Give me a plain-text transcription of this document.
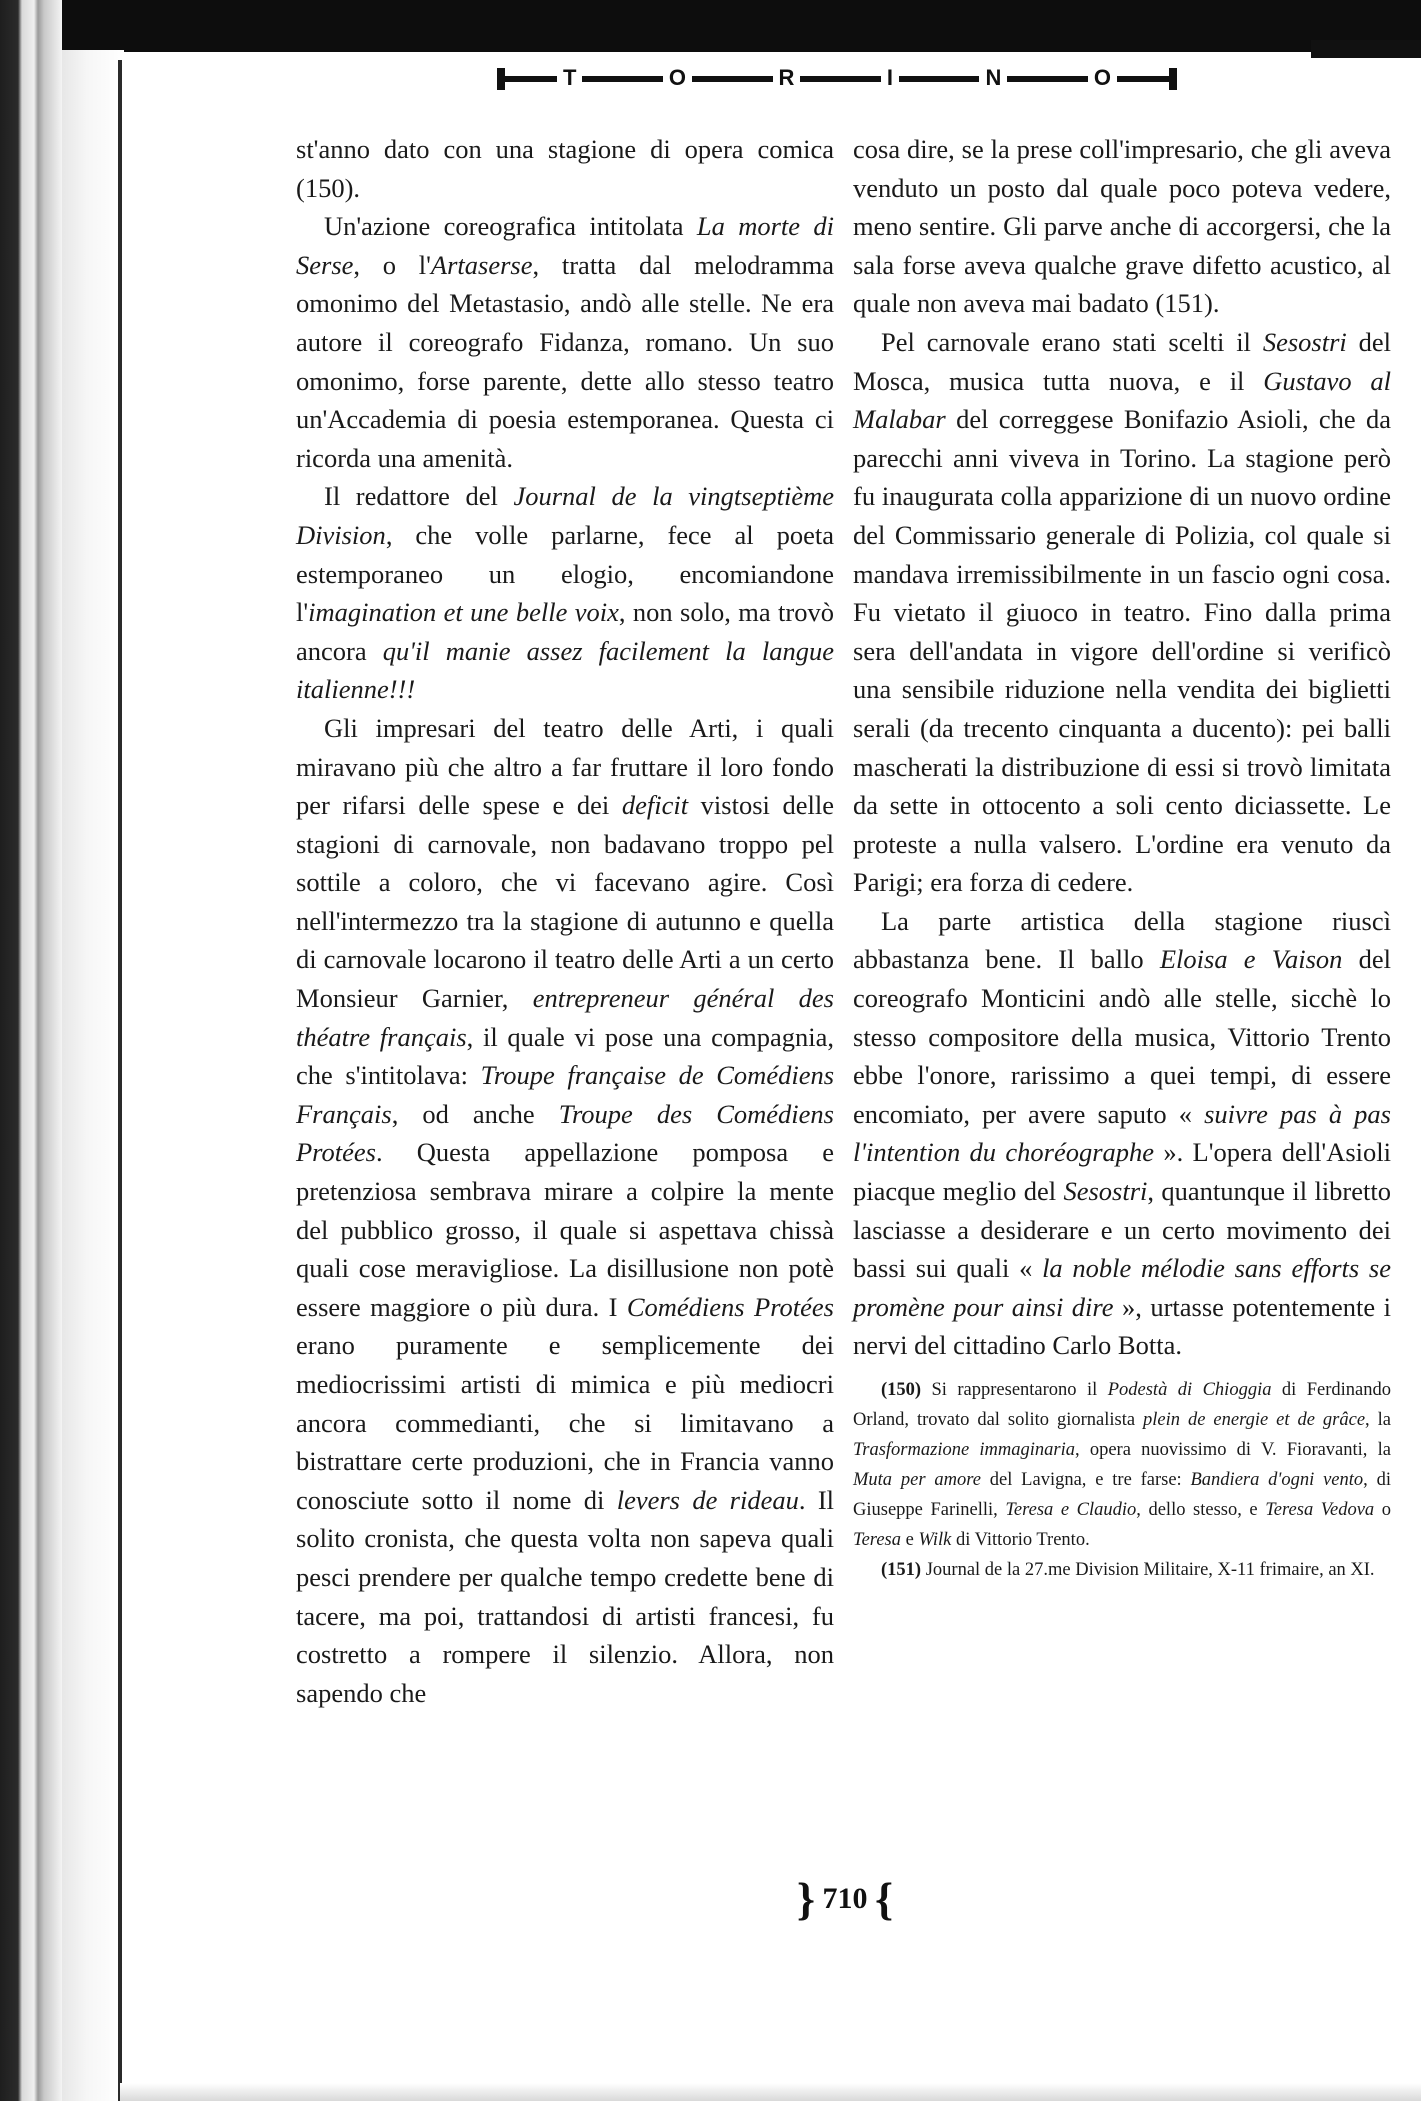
T	O	R	I	N	O

st'anno dato con una stagione di opera comica (150).

Un'azione coreografica intitolata La morte di Serse, o l'Artaserse, tratta dal melodramma omonimo del Metastasio, andò alle stelle. Ne era autore il coreografo Fidanza, romano. Un suo omonimo, forse parente, dette allo stesso teatro un'Accademia di poesia estemporanea. Questa ci ricorda una amenità.

Il redattore del Journal de la vingtseptième Division, che volle parlarne, fece al poeta estemporaneo un elogio, encomiandone l'imagination et une belle voix, non solo, ma trovò ancora qu'il manie assez facilement la langue italienne!!!

Gli impresari del teatro delle Arti, i quali miravano più che altro a far fruttare il loro fondo per rifarsi delle spese e dei deficit vistosi delle stagioni di carnovale, non badavano troppo pel sottile a coloro, che vi facevano agire. Così nell'intermezzo tra la stagione di autunno e quella di carnovale locarono il teatro delle Arti a un certo Monsieur Garnier, entrepreneur général des théatre français, il quale vi pose una compagnia, che s'intitolava: Troupe française de Comédiens Français, od anche Troupe des Comédiens Protées. Questa appellazione pomposa e pretenziosa sembrava mirare a colpire la mente del pubblico grosso, il quale si aspettava chissà quali cose meravigliose. La disillusione non potè essere maggiore o più dura. I Comédiens Protées erano puramente e semplicemente dei mediocrissimi artisti di mimica e più mediocri ancora commedianti, che si limitavano a bistrattare certe produzioni, che in Francia vanno conosciute sotto il nome di levers de rideau. Il solito cronista, che questa volta non sapeva quali pesci prendere per qualche tempo credette bene di tacere, ma poi, trattandosi di artisti francesi, fu costretto a rompere il silenzio. Allora, non sapendo che

cosa dire, se la prese coll'impresario, che gli aveva venduto un posto dal quale poco poteva vedere, meno sentire. Gli parve anche di accorgersi, che la sala forse aveva qualche grave difetto acustico, al quale non aveva mai badato (151).

Pel carnovale erano stati scelti il Sesostri del Mosca, musica tutta nuova, e il Gustavo al Malabar del correggese Bonifazio Asioli, che da parecchi anni viveva in Torino. La stagione però fu inaugurata colla apparizione di un nuovo ordine del Commissario generale di Polizia, col quale si mandava irremissibilmente in un fascio ogni cosa. Fu vietato il giuoco in teatro. Fino dalla prima sera dell'andata in vigore dell'ordine si verificò una sensibile riduzione nella vendita dei biglietti serali (da trecento cinquanta a ducento): pei balli mascherati la distribuzione di essi si trovò limitata da sette in ottocento a soli cento diciassette. Le proteste a nulla valsero. L'ordine era venuto da Parigi; era forza di cedere.

La parte artistica della stagione riuscì abbastanza bene. Il ballo Eloisa e Vaison del coreografo Monticini andò alle stelle, sicchè lo stesso compositore della musica, Vittorio Trento ebbe l'onore, rarissimo a quei tempi, di essere encomiato, per avere saputo « suivre pas à pas l'intention du choréographe ». L'opera dell'Asioli piacque meglio del Sesostri, quantunque il libretto lasciasse a desiderare e un certo movimento dei bassi sui quali « la noble mélodie sans efforts se promène pour ainsi dire », urtasse potentemente i nervi del cittadino Carlo Botta.

(150) Si rappresentarono il Podestà di Chioggia di Ferdinando Orland, trovato dal solito giornalista plein de energie et de grâce, la Trasformazione immaginaria, opera nuovissimo di V. Fioravanti, la Muta per amore del Lavigna, e tre farse: Bandiera d'ogni vento, di Giuseppe Farinelli, Teresa e Claudio, dello stesso, e Teresa Vedova o Teresa e Wilk di Vittorio Trento.

(151) Journal de la 27.me Division Militaire, X-11 frimaire, an XI.

} 710 {
